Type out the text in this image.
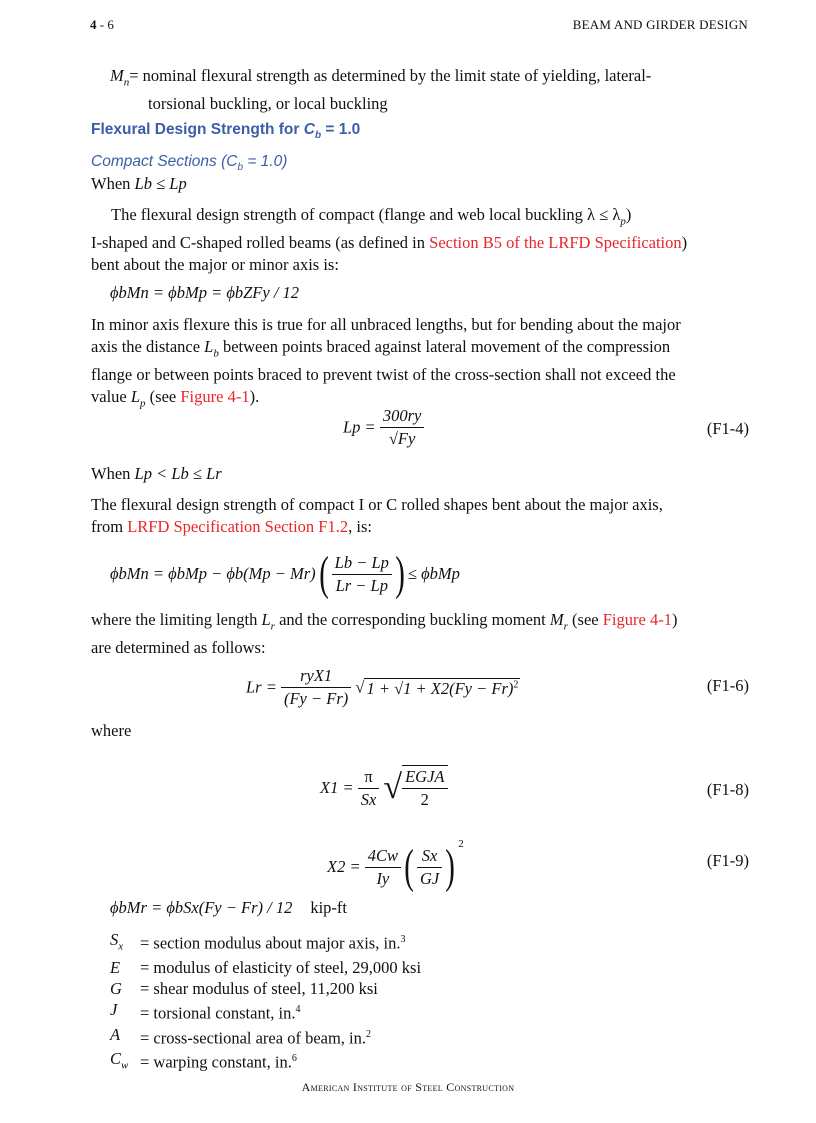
4 - 6	BEAM AND GIRDER DESIGN
$M_n=$ nominal flexural strength as determined by the limit state of yielding, lateral-
torsional buckling, or local buckling
Flexural Design Strength for $C_b = 1.0$
Compact Sections $(C_b = 1.0)$
When Lb ≤ Lp
The flexural design strength of compact (flange and web local buckling $\lambda \le \lambda_p$)
I-shaped and C-shaped rolled beams (as defined in Section B5 of the LRFD Specification)
bent about the major or minor axis is:
ϕbMn = ϕbMp = ϕbZFy / 12
In minor axis flexure this is true for all unbraced lengths, but for bending about the major
axis the distance $L_b$ between points braced against lateral movement of the compression
flange or between points braced to prevent twist of the cross-section shall not exceed the
value $L_p$ (see Figure 4-1).
$Lp = \frac{300ry}{√Fy}$	(F1-4)
When Lp < Lb ≤ Lr
The flexural design strength of compact I or C rolled shapes bent about the major axis,
from LRFD Specification Section F1.2, is:
$\phi bMn = \phi bMp - \phi b(Mp - Mr)( \frac{Lb - Lp}{Lr - Lp}$ ) ≤ ϕbMp
where the limiting length $L_r$ and the corresponding buckling moment $M_r$ (see Figure 4-1)
are determined as follows:
$Lr = \frac{\text{ryX1}}{(Fy - Fr)}$ √ $1 + √1 + X2(Fy - Fr)^2$	(F1-6)
where
$X1 = \frac{\pi}{Sx}$ √ $\frac{\text{EGJA}}{2}$	(F1-8)
$X2 = \frac{4Cw}{Iy}$ ( $\frac{Sx}{GJ}$ ) $^2$
(F1-9)
ϕbMr = ϕbSx(Fy − Fr) / 12 kip-ft
$S_x$	= section modulus about major axis, in.$^3$
E	= modulus of elasticity of steel, 29,000 ksi
G	= shear modulus of steel, 11,200 ksi
J	= torsional constant, in.$^4$
A	= cross-sectional area of beam, in.$^2$
$C_w$	= warping constant, in.$^6$
American Institute of Steel Construction
